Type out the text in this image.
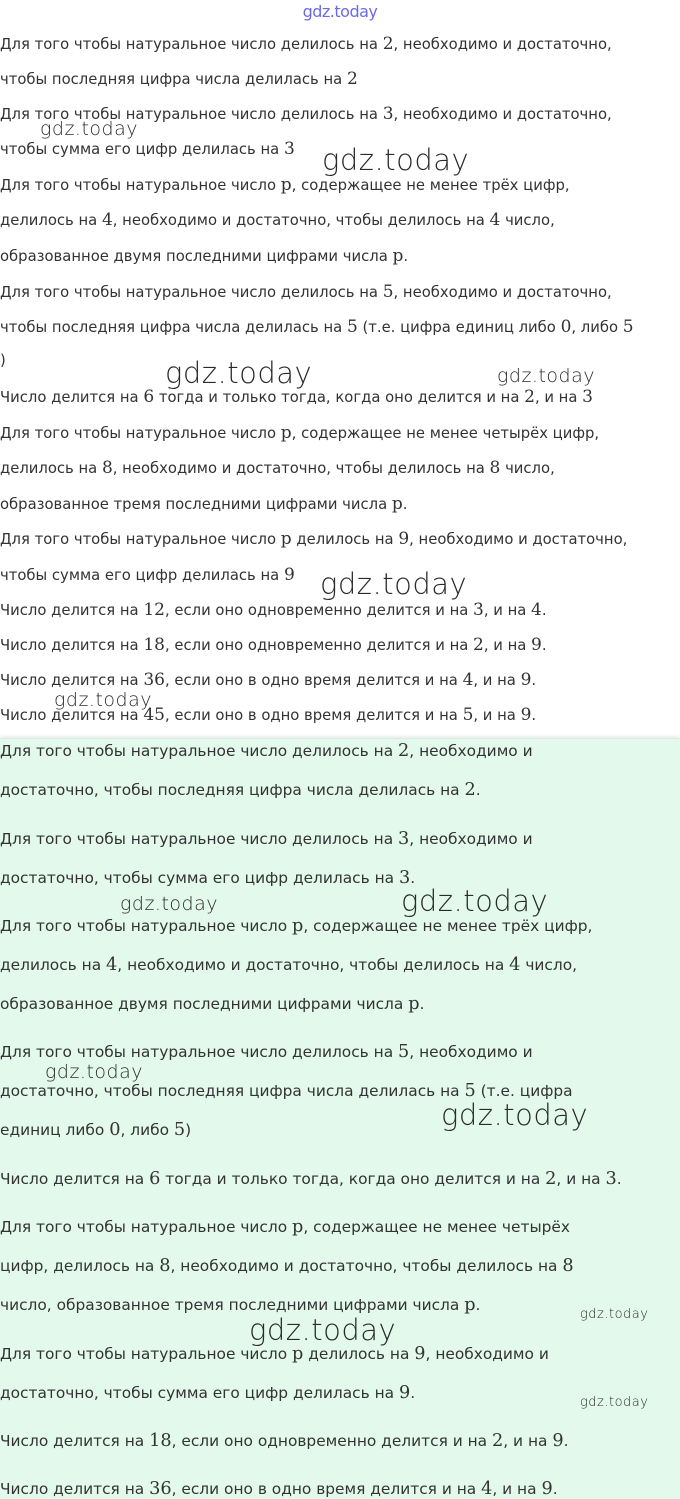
gdz.today
Для того чтобы натуральное число делилось на 2, необходимо и достаточно,
чтобы последняя цифра числа делилась на 2
Для того чтобы натуральное число делилось на 3, необходимо и достаточно,
чтобы сумма его цифр делилась на 3
Для того чтобы натуральное число p, содержащее не менее трёх цифр,
делилось на 4, необходимо и достаточно, чтобы делилось на 4 число,
образованное двумя последними цифрами числа p.
Для того чтобы натуральное число делилось на 5, необходимо и достаточно,
чтобы последняя цифра числа делилась на 5 (т.е. цифра единиц либо 0, либо 5
)
Число делится на 6 тогда и только тогда, когда оно делится и на 2, и на 3
Для того чтобы натуральное число p, содержащее не менее четырёх цифр,
делилось на 8, необходимо и достаточно, чтобы делилось на 8 число,
образованное тремя последними цифрами числа p.
Для того чтобы натуральное число p делилось на 9, необходимо и достаточно,
чтобы сумма его цифр делилась на 9
Число делится на 12, если оно одновременно делится и на 3, и на 4.
Число делится на 18, если оно одновременно делится и на 2, и на 9.
Число делится на 36, если оно в одно время делится и на 4, и на 9.
Число делится на 45, если оно в одно время делится и на 5, и на 9.
Для того чтобы натуральное число делилось на 2, необходимо и
достаточно, чтобы последняя цифра числа делилась на 2.
Для того чтобы натуральное число делилось на 3, необходимо и
достаточно, чтобы сумма его цифр делилась на 3.
Для того чтобы натуральное число p, содержащее не менее трёх цифр,
делилось на 4, необходимо и достаточно, чтобы делилось на 4 число,
образованное двумя последними цифрами числа p.
Для того чтобы натуральное число делилось на 5, необходимо и
достаточно, чтобы последняя цифра числа делилась на 5 (т.е. цифра
единиц либо 0, либо 5)
Число делится на 6 тогда и только тогда, когда оно делится и на 2, и на 3.
Для того чтобы натуральное число p, содержащее не менее четырёх
цифр, делилось на 8, необходимо и достаточно, чтобы делилось на 8
число, образованное тремя последними цифрами числа p.
Для того чтобы натуральное число p делилось на 9, необходимо и
достаточно, чтобы сумма его цифр делилась на 9.
Число делится на 18, если оно одновременно делится и на 2, и на 9.
Число делится на 36, если оно в одно время делится и на 4, и на 9.
gdz.today
gdz.today
gdz.today	gdz.today
gdz.today
gdz.today
gdz.today	gdz.today
gdz.today
gdz.today
gdz.today	gdz.today
gdz.today
